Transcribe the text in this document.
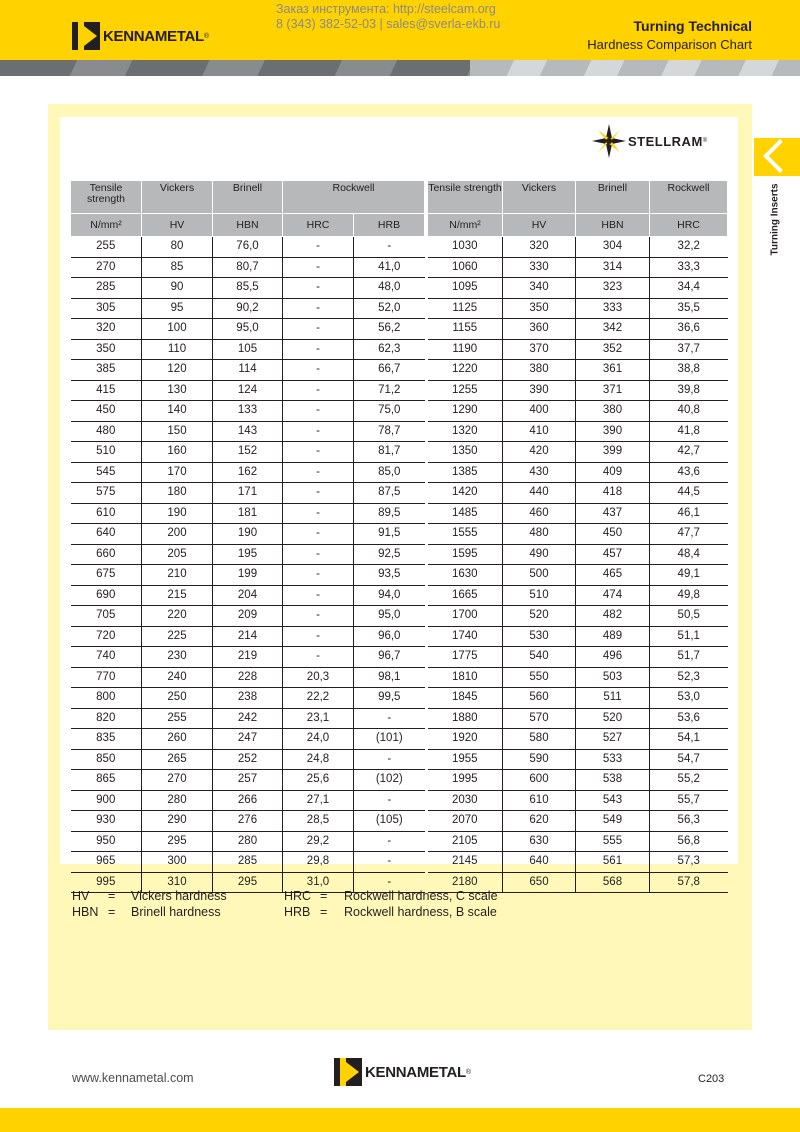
KENNAMETAL ®
Заказ инструмента: http://steelcam.org
8 (343) 382-52-03 | sales@sverla-ekb.ru	Turning Technical
Hardness Comparison Chart
STELLRAM ®
Turning Inserts
Tensile strength	Vickers	Brinell	Rockwell	
N/mm²	HV	HBN	HRC	HRB
255	80	76,0	-	-
270	85	80,7	-	41,0
285	90	85,5	-	48,0
305	95	90,2	-	52,0
320	100	95,0	-	56,2
350	110	105	-	62,3
385	120	114	-	66,7
415	130	124	-	71,2
450	140	133	-	75,0
480	150	143	-	78,7
510	160	152	-	81,7
545	170	162	-	85,0
575	180	171	-	87,5
610	190	181	-	89,5
640	200	190	-	91,5
660	205	195	-	92,5
675	210	199	-	93,5
690	215	204	-	94,0
705	220	209	-	95,0
720	225	214	-	96,0
740	230	219	-	96,7
770	240	228	20,3	98,1
800	250	238	22,2	99,5
820	255	242	23,1	-
835	260	247	24,0	(101)
850	265	252	24,8	-
865	270	257	25,6	(102)
900	280	266	27,1	-
930	290	276	28,5	(105)
950	295	280	29,2	-
965	300	285	29,8	-
995	310	295	31,0	-
Tensile strength	Vickers	Brinell	Rockwell
N/mm²	HV	HBN	HRC
1030	320	304	32,2
1060	330	314	33,3
1095	340	323	34,4
1125	350	333	35,5
1155	360	342	36,6
1190	370	352	37,7
1220	380	361	38,8
1255	390	371	39,8
1290	400	380	40,8
1320	410	390	41,8
1350	420	399	42,7
1385	430	409	43,6
1420	440	418	44,5
1485	460	437	46,1
1555	480	450	47,7
1595	490	457	48,4
1630	500	465	49,1
1665	510	474	49,8
1700	520	482	50,5
1740	530	489	51,1
1775	540	496	51,7
1810	550	503	52,3
1845	560	511	53,0
1880	570	520	53,6
1920	580	527	54,1
1955	590	533	54,7
1995	600	538	55,2
2030	610	543	55,7
2070	620	549	56,3
2105	630	555	56,8
2145	640	561	57,3
2180	650	568	57,8
HV = Vickers hardness
HBN = Brinell hardness
HRC = Rockwell hardness, C scale
HRB = Rockwell hardness, B scale
www.kennametal.com	KENNAMETAL ®
C203
